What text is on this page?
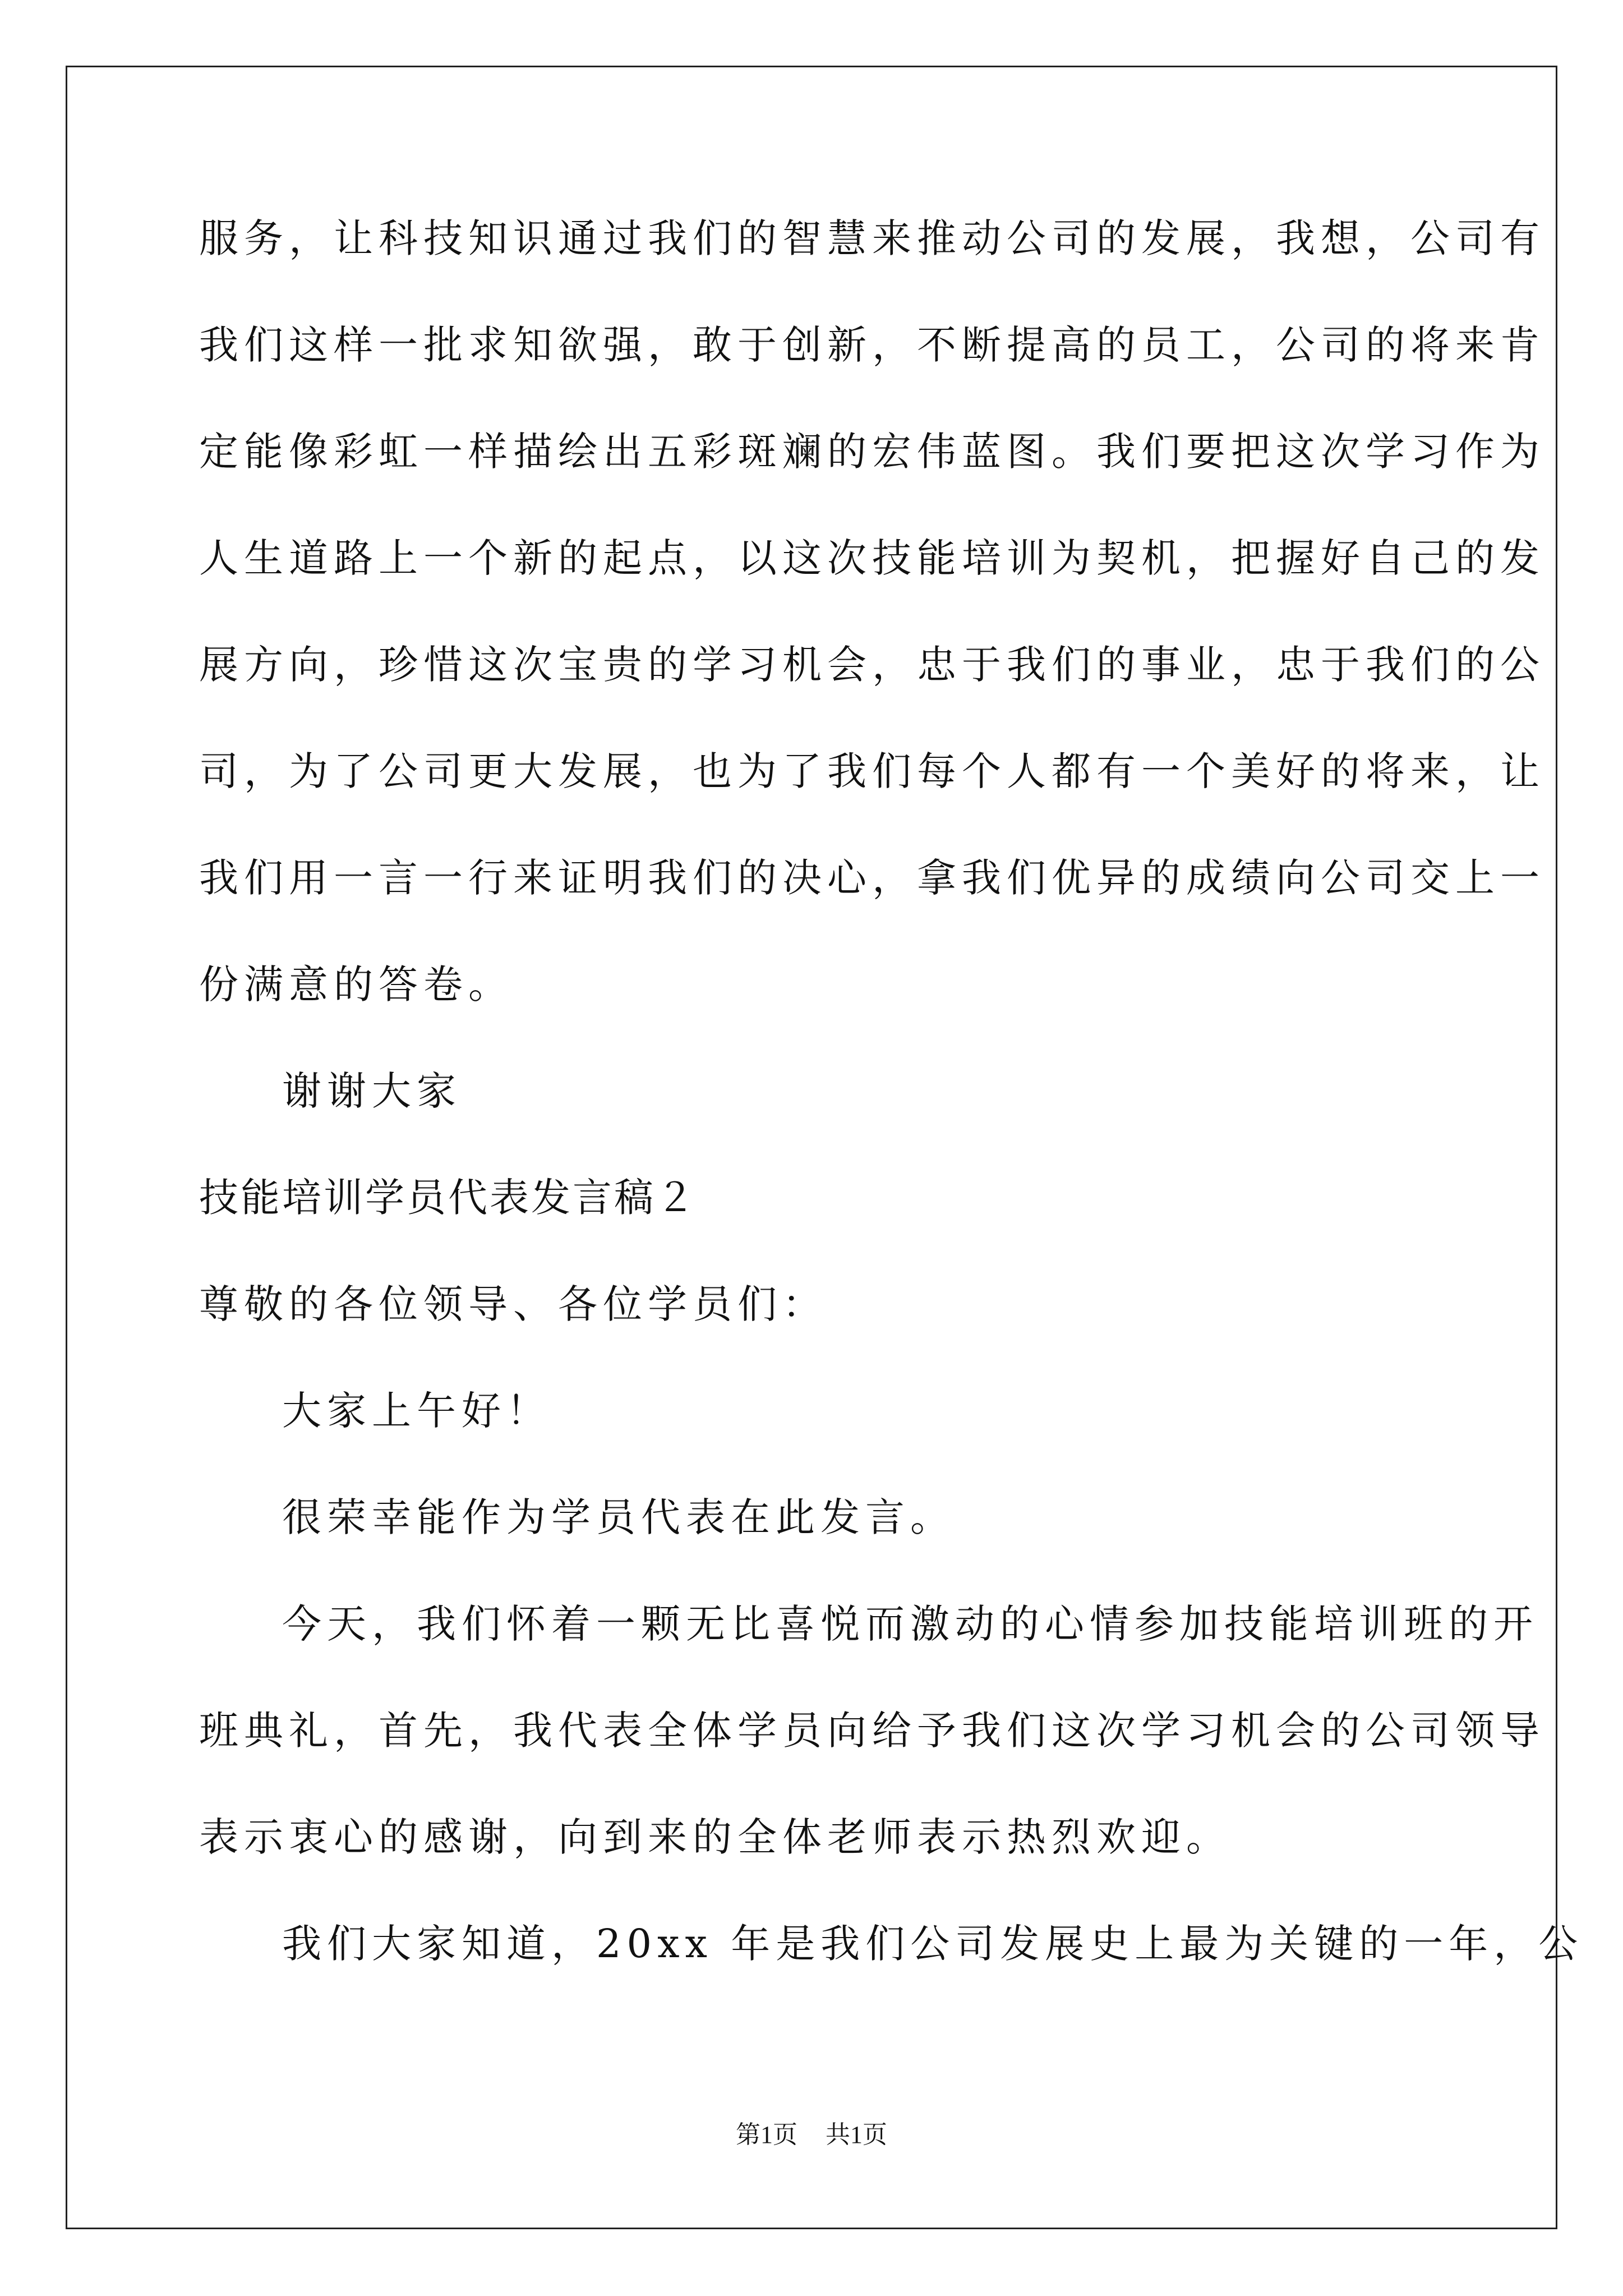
服务，让科技知识通过我们的智慧来推动公司的发展，我想，公司有
我们这样一批求知欲强，敢于创新，不断提高的员工，公司的将来肯
定能像彩虹一样描绘出五彩斑斓的宏伟蓝图。我们要把这次学习作为
人生道路上一个新的起点，以这次技能培训为契机，把握好自己的发
展方向，珍惜这次宝贵的学习机会，忠于我们的事业，忠于我们的公
司，为了公司更大发展，也为了我们每个人都有一个美好的将来，让
我们用一言一行来证明我们的决心，拿我们优异的成绩向公司交上一
份满意的答卷。
谢谢大家
技能培训学员代表发言稿２
尊敬的各位领导、各位学员们：
大家上午好！
很荣幸能作为学员代表在此发言。
今天，我们怀着一颗无比喜悦而激动的心情参加技能培训班的开
班典礼，首先，我代表全体学员向给予我们这次学习机会的公司领导
表示衷心的感谢，向到来的全体老师表示热烈欢迎。
我们大家知道，20xx 年是我们公司发展史上最为关键的一年，公
第1页 共1页
